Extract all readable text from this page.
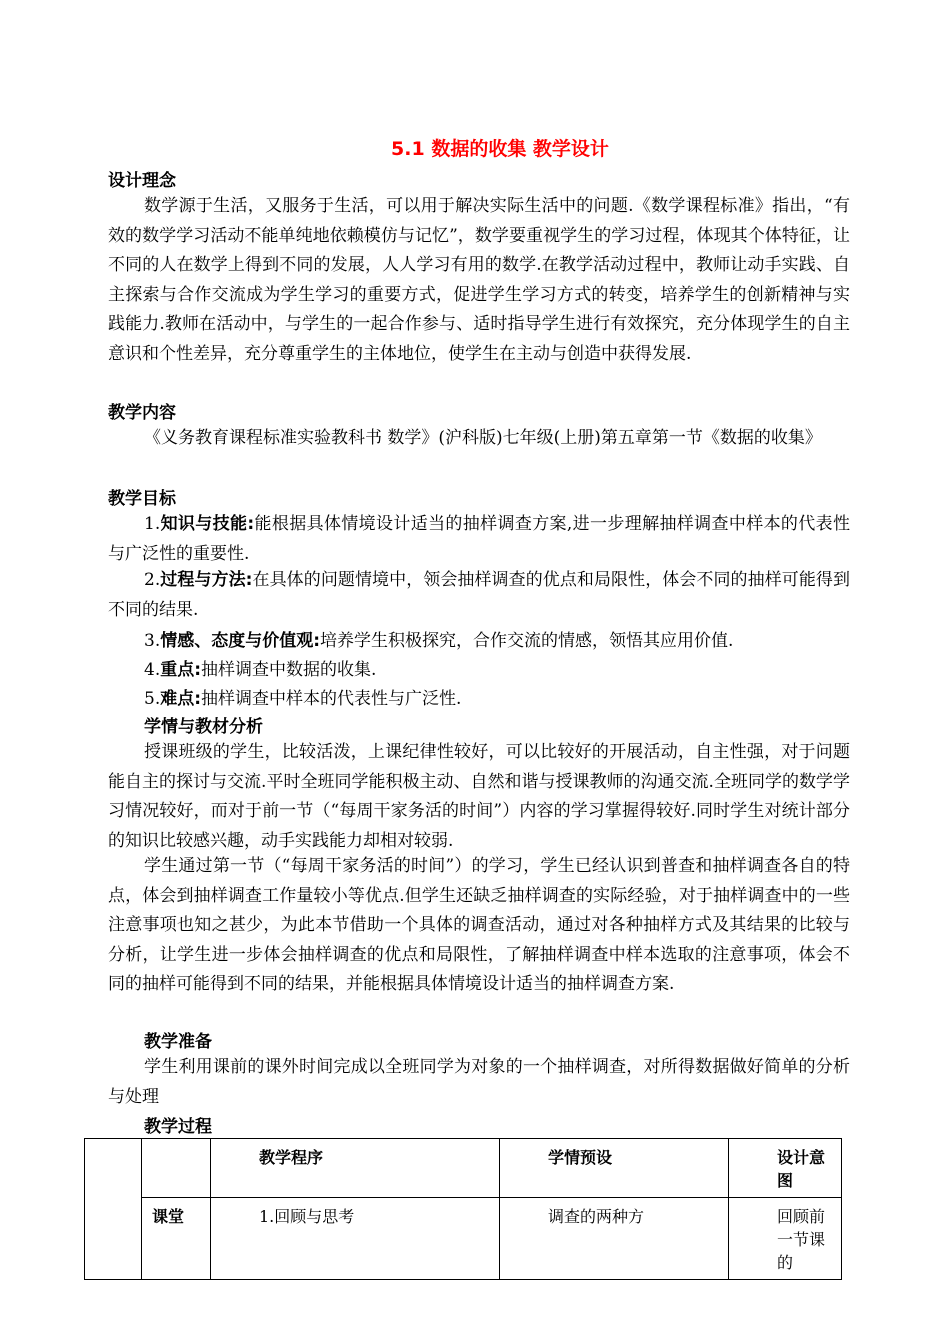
5.1 数据的收集 教学设计
设计理念
数学源于生活，又服务于生活，可以用于解决实际生活中的问题.《数学课程标准》指出，“有效的数学学习活动不能单纯地依赖模仿与记忆”，数学要重视学生的学习过程，体现其个体特征，让不同的人在数学上得到不同的发展，人人学习有用的数学.在教学活动过程中，教师让动手实践、自主探索与合作交流成为学生学习的重要方式，促进学生学习方式的转变，培养学生的创新精神与实践能力.教师在活动中，与学生的一起合作参与、适时指导学生进行有效探究，充分体现学生的自主意识和个性差异，充分尊重学生的主体地位，使学生在主动与创造中获得发展.
教学内容
《义务教育课程标准实验教科书 数学》(沪科版)七年级(上册)第五章第一节《数据的收集》
教学目标
1.知识与技能:能根据具体情境设计适当的抽样调查方案,进一步理解抽样调查中样本的代表性与广泛性的重要性.
2.过程与方法:在具体的问题情境中，领会抽样调查的优点和局限性，体会不同的抽样可能得到不同的结果.
3.情感、态度与价值观:培养学生积极探究，合作交流的情感，领悟其应用价值.
4.重点:抽样调查中数据的收集.
5.难点:抽样调查中样本的代表性与广泛性.
学情与教材分析
授课班级的学生，比较活泼，上课纪律性较好，可以比较好的开展活动，自主性强，对于问题能自主的探讨与交流.平时全班同学能积极主动、自然和谐与授课教师的沟通交流.全班同学的数学学习情况较好，而对于前一节（“每周干家务活的时间”）内容的学习掌握得较好.同时学生对统计部分的知识比较感兴趣，动手实践能力却相对较弱.
学生通过第一节（“每周干家务活的时间”）的学习，学生已经认识到普查和抽样调查各自的特点，体会到抽样调查工作量较小等优点.但学生还缺乏抽样调查的实际经验，对于抽样调查中的一些注意事项也知之甚少，为此本节借助一个具体的调查活动，通过对各种抽样方式及其结果的比较与分析，让学生进一步体会抽样调查的优点和局限性，了解抽样调查中样本选取的注意事项，体会不同的抽样可能得到不同的结果，并能根据具体情境设计适当的抽样调查方案.
教学准备
学生利用课前的课外时间完成以全班同学为对象的一个抽样调查，对所得数据做好简单的分析与处理
教学过程
		教学程序	学情预设	设计意图
	课堂	1.回顾与思考	调查的两种方	回顾前一节课的
